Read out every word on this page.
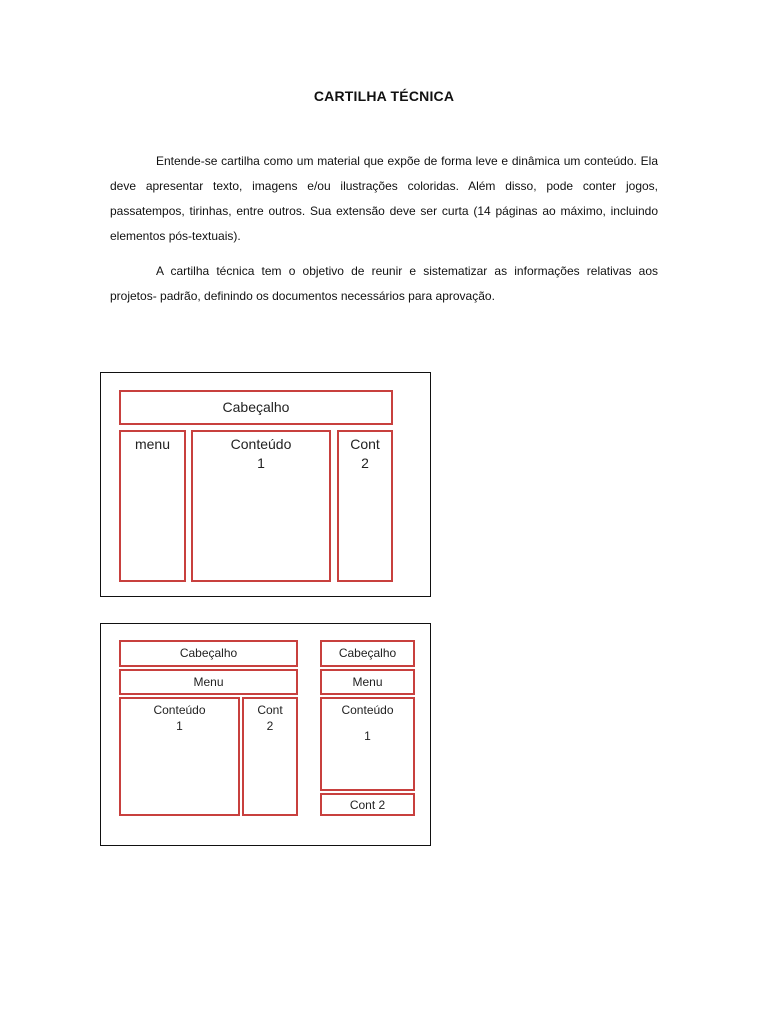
CARTILHA TÉCNICA

Entende-se cartilha como um material que expõe de forma leve e dinâmica um conteúdo. Ela deve apresentar texto, imagens e/ou ilustrações coloridas. Além disso, pode conter jogos, passatempos, tirinhas, entre outros. Sua extensão deve ser curta (14 páginas ao máximo, incluindo elementos pós-textuais).

A cartilha técnica tem o objetivo de reunir e sistematizar as informações relativas aos projetos- padrão, definindo os documentos necessários para aprovação.

Cabeçalho
menu	Conteúdo
1
Cont
2
Cabeçalho
Menu
Conteúdo
1
Cont
2
Cabeçalho
Menu
Conteúdo
1
Cont 2
